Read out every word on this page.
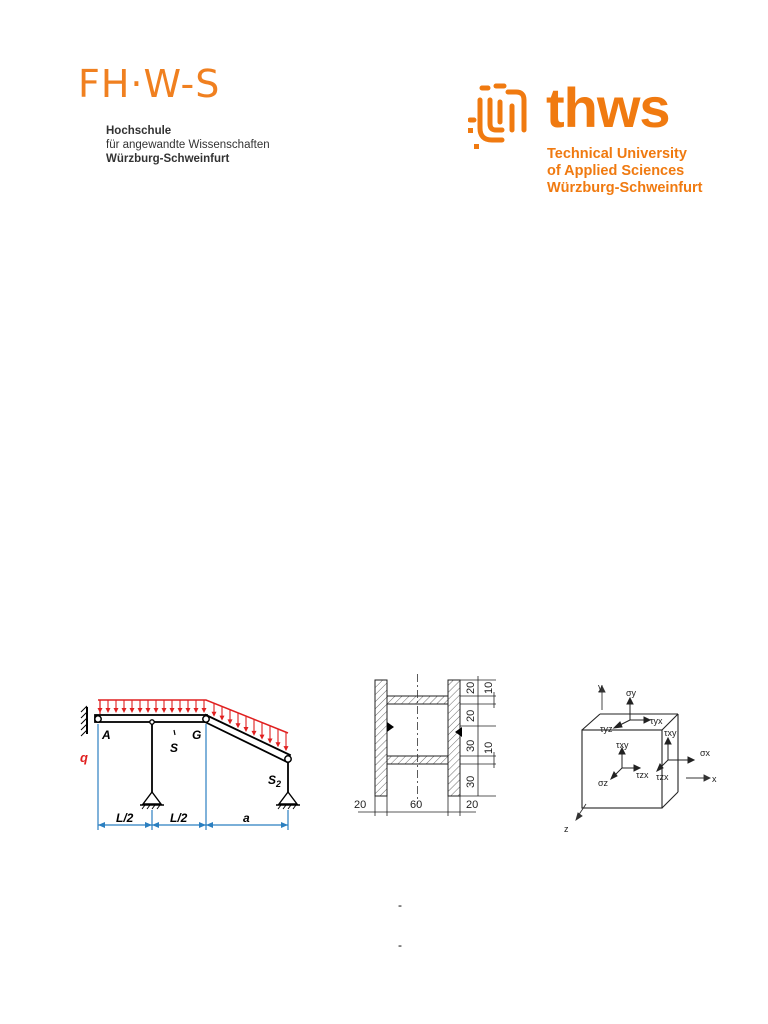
FH·W-S
Hochschule
für angewandte Wissenschaften
Würzburg-Schweinfurt
thws
Technical University
of Applied Sciences
Würzburg-Schweinfurt
q
A
S
G
$S_2$
L/2	L/2	a
20 10
20
30 10
30
20	60	20
y
x
z
σy
σx
σz
τyz
τyx
τxy
τxy
τzx
τzx
-
-
